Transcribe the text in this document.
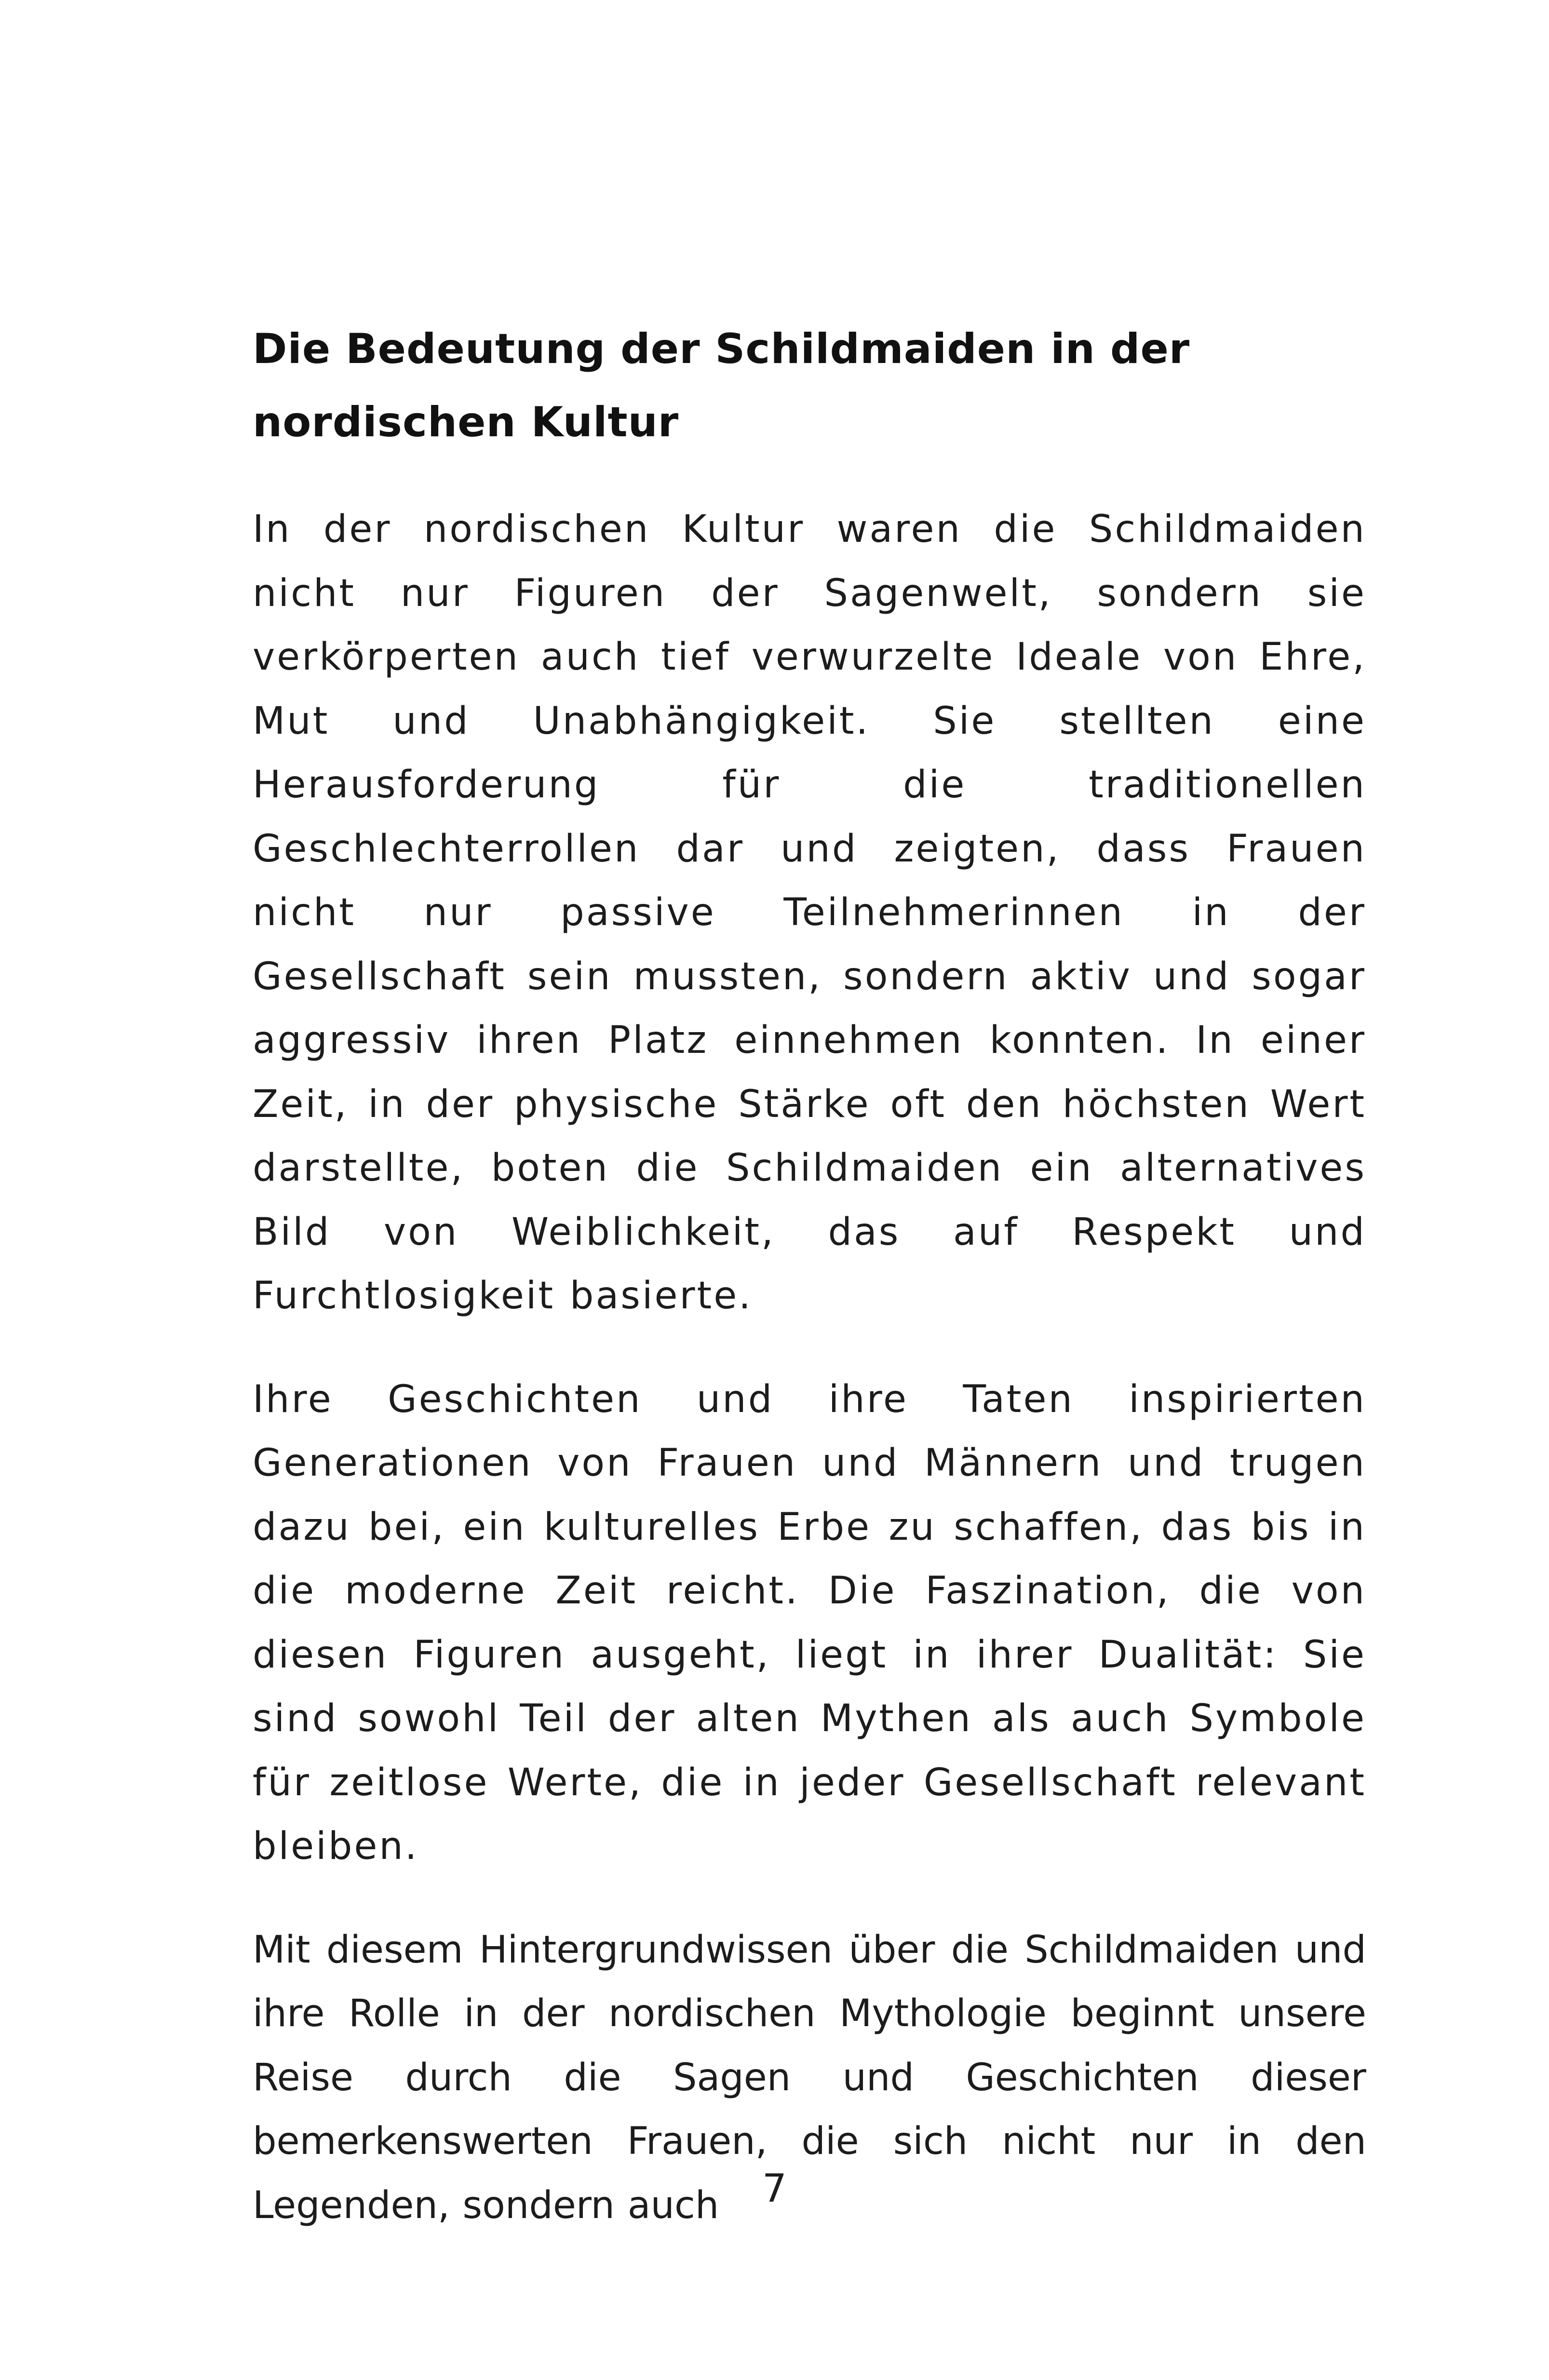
Die Bedeutung der Schildmaiden in der nordischen Kultur

In der nordischen Kultur waren die Schildmaiden nicht nur Figuren der Sagenwelt, sondern sie verkörperten auch tief verwurzelte Ideale von Ehre, Mut und Unabhängigkeit. Sie stellten eine Herausforderung für die traditionellen Geschlechterrollen dar und zeigten, dass Frauen nicht nur passive Teilnehmerinnen in der Gesellschaft sein mussten, sondern aktiv und sogar aggressiv ihren Platz einnehmen konnten. In einer Zeit, in der physische Stärke oft den höchsten Wert darstellte, boten die Schildmaiden ein alternatives Bild von Weiblichkeit, das auf Respekt und Furchtlosigkeit basierte.

Ihre Geschichten und ihre Taten inspirierten Generationen von Frauen und Männern und trugen dazu bei, ein kulturelles Erbe zu schaffen, das bis in die moderne Zeit reicht. Die Faszination, die von diesen Figuren ausgeht, liegt in ihrer Dualität: Sie sind sowohl Teil der alten Mythen als auch Symbole für zeitlose Werte, die in jeder Gesellschaft relevant bleiben.

Mit diesem Hintergrundwissen über die Schildmaiden und ihre Rolle in der nordischen Mythologie beginnt unsere Reise durch die Sagen und Geschichten dieser bemerkenswerten Frauen, die sich nicht nur in den Legenden, sondern auch	7
